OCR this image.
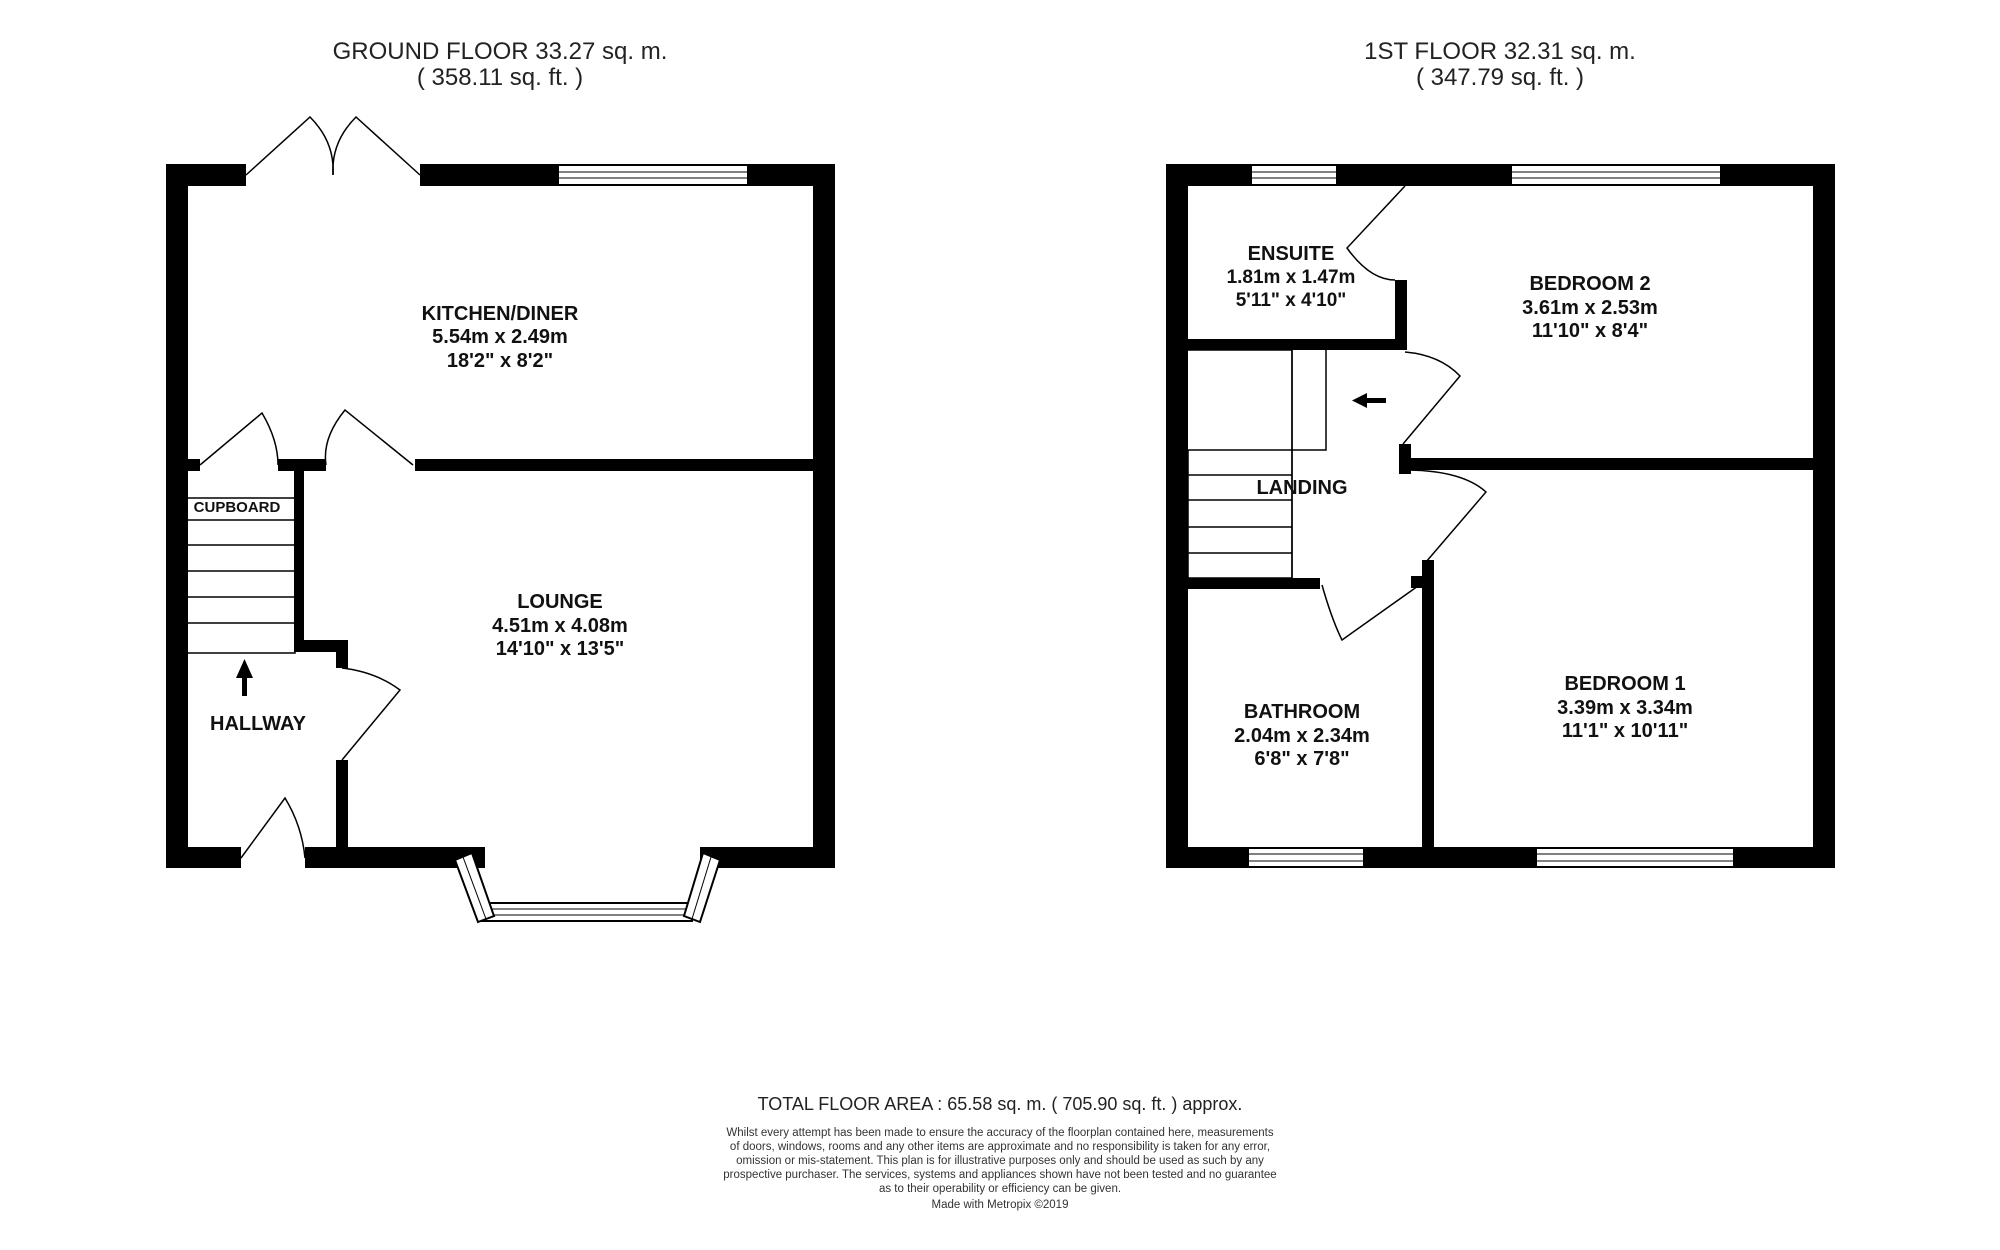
GROUND FLOOR 33.27 sq. m.
( 358.11 sq. ft. )
1ST FLOOR 32.31 sq. m.
( 347.79 sq. ft. )
KITCHEN/DINER
5.54m x 2.49m
18'2" x 8'2"
LOUNGE
4.51m x 4.08m
14'10" x 13'5"
CUPBOARD
HALLWAY
ENSUITE
1.81m x 1.47m
5'11" x 4'10"
BEDROOM 2
3.61m x 2.53m
11'10" x 8'4"
LANDING
BATHROOM
2.04m x 2.34m
6'8" x 7'8"
BEDROOM 1
3.39m x 3.34m
11'1" x 10'11"
TOTAL FLOOR AREA : 65.58 sq. m. ( 705.90 sq. ft. ) approx.
Whilst every attempt has been made to ensure the accuracy of the floorplan contained here, measurements
of doors, windows, rooms and any other items are approximate and no responsibility is taken for any error,
omission or mis-statement. This plan is for illustrative purposes only and should be used as such by any
prospective purchaser. The services, systems and appliances shown have not been tested and no guarantee
as to their operability or efficiency can be given.
Made with Metropix ©2019
